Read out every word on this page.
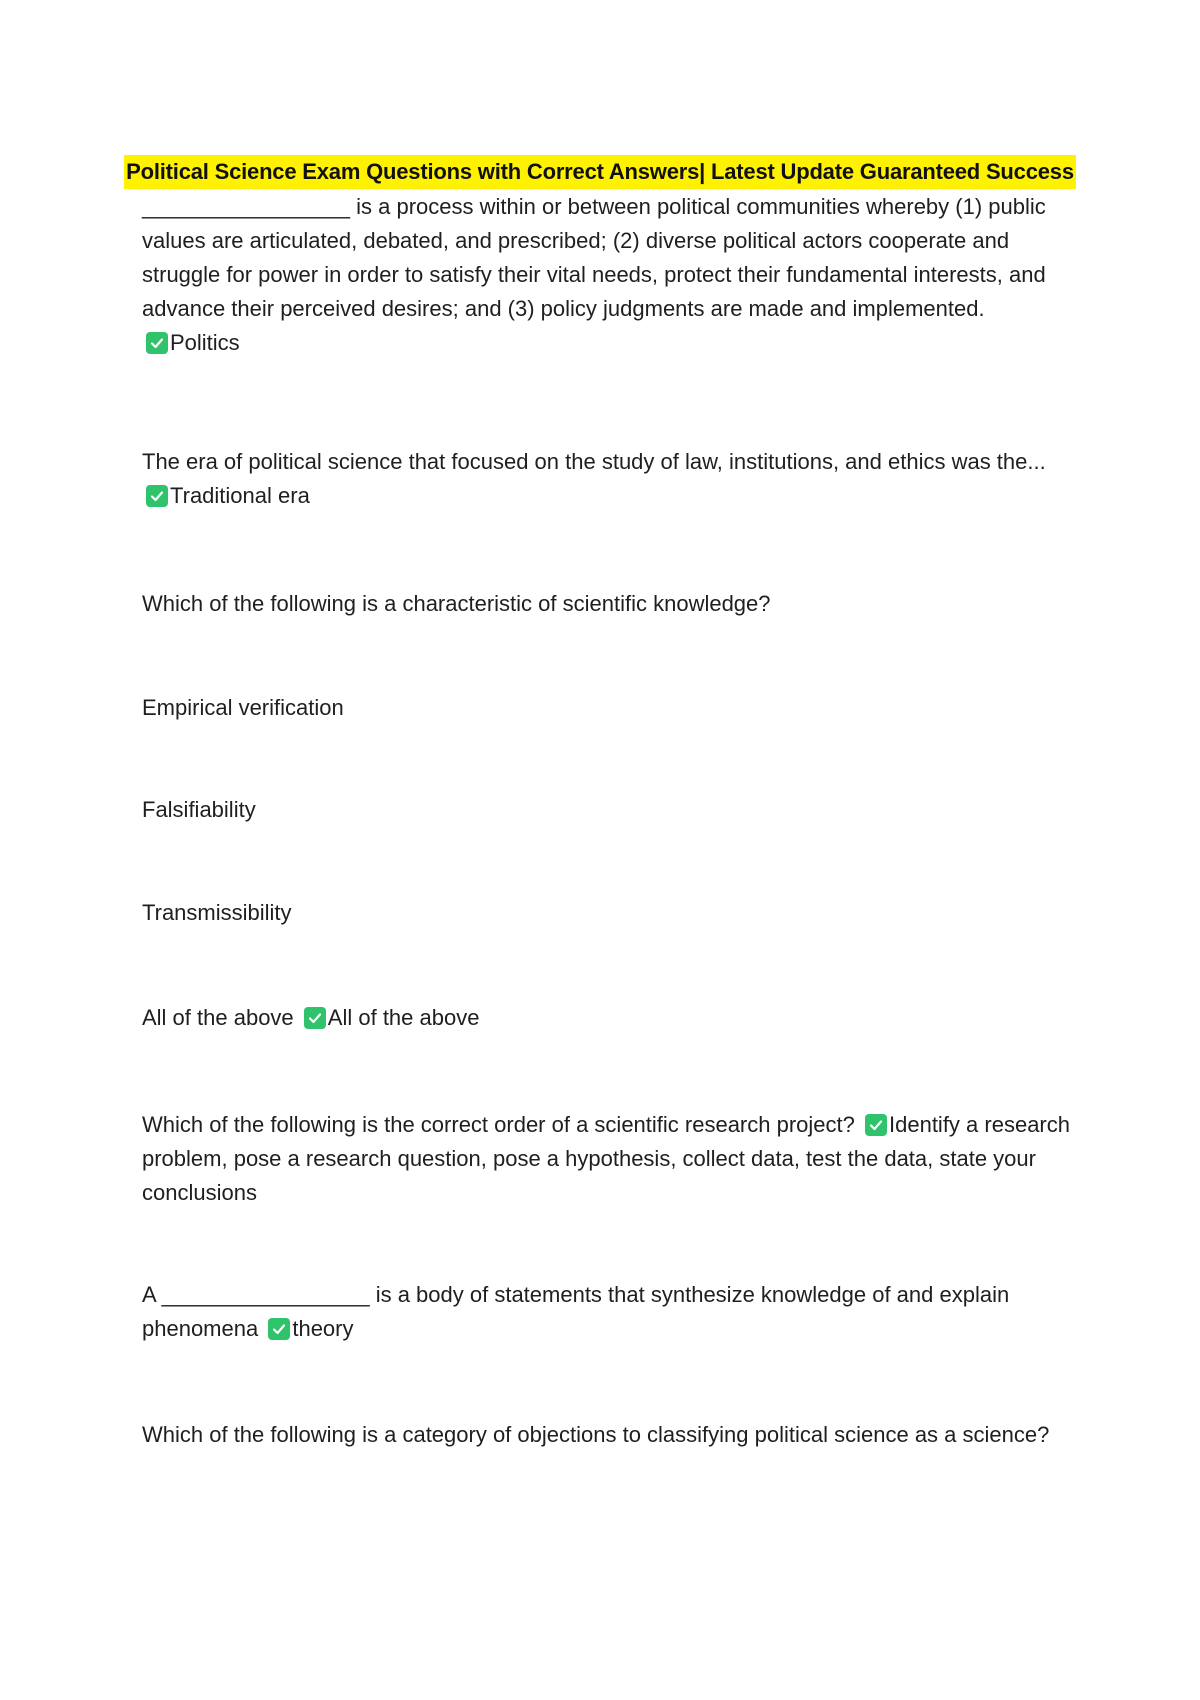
Political Science Exam Questions with Correct Answers| Latest Update Guaranteed Success
_________________ is a process within or between political communities whereby (1) public values are articulated, debated, and prescribed; (2) diverse political actors cooperate and struggle for power in order to satisfy their vital needs, protect their fundamental interests, and advance their perceived desires; and (3) policy judgments are made and implemented.

Politics
The era of political science that focused on the study of law, institutions, and ethics was the...

Traditional era
Which of the following is a characteristic of scientific knowledge?
Empirical verification
Falsifiability
Transmissibility
All of the above All of the above
Which of the following is the correct order of a scientific research project? Identify a research problem, pose a research question, pose a hypothesis, collect data, test the data, state your conclusions
A _________________ is a body of statements that synthesize knowledge of and explain phenomena theory
Which of the following is a category of objections to classifying political science as a science?
